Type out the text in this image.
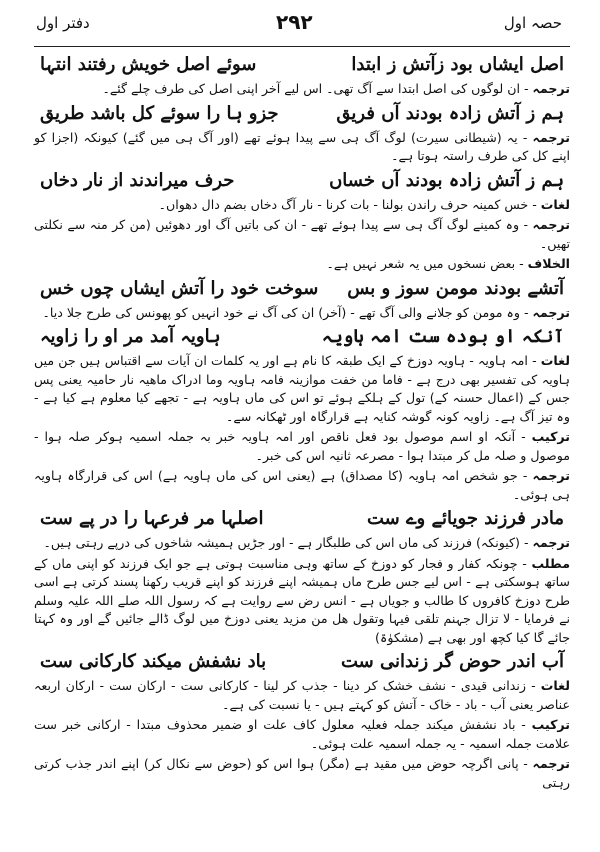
دفتر اول	۲۹۲	حصہ اول
اصل ایشاں بود زآتش ز ابتدا
سوئے اصل خویش رفتند انتہا

ترجمہ - ان لوگوں کی اصل ابتدا سے آگ تھی۔ اس لیے آخر اپنی اصل کی طرف چلے گئے۔

ہم ز آتش زادہ بودند آں فریق
جزو ہا را سوئے کل باشد طریق

ترجمہ - یہ (شیطانی سیرت) لوگ آگ ہی سے پیدا ہوئے تھے (اور آگ ہی میں گئے) کیونکہ (اجزا کو اپنے کل کی طرف راستہ ہوتا ہے۔

ہم ز آتش زادہ بودند آں خساں
حرف میراندند از نار دخاں

لغات - خس کمینہ حرف راندن بولنا - بات کرنا - نار آگ دخاں بضم دال دھواں۔

ترجمہ - وہ کمینے لوگ آگ ہی سے پیدا ہوئے تھے - ان کی باتیں آگ اور دھوئیں (من کر منہ سے نکلتی تھیں۔

الخلاف - بعض نسخوں میں یہ شعر نہیں ہے۔

آتشے بودند مومن سوز و بس
سوخت خود را آتش ایشاں چوں خس

ترجمہ - وہ مومن کو جلانے والی آگ تھے - (آخر) ان کی آگ نے خود انہیں کو پھونس کی طرح جلا دیا۔

آنکہ او بودہ ست امہ ہاویہ
ہاویہ آمد مر او را زاویہ

لغات - امہ ہاویہ - ہاویہ دوزخ کے ایک طبقہ کا نام ہے اور یہ کلمات ان آیات سے اقتباس ہیں جن میں ہاویہ کی تفسیر بھی درج ہے - فاما من خفت موازینہ فامہ ہاویہ وما ادراک ماھیہ نار حامیہ یعنی پس جس کے (اعمال حسنہ کے) تول کے ہلکے ہوئے تو اس کی ماں ہاویہ ہے - تجھے کیا معلوم ہے کیا ہے - وہ تیز آگ ہے۔ زاویہ کونہ گوشہ کنایہ ہے قرارگاہ اور ٹھکانہ سے۔

ترکیب - آنکہ او اسم موصول بود فعل ناقص اور امہ ہاویہ خبر بہ جملہ اسمیہ ہوکر صلہ ہوا - موصول و صلہ مل کر مبتدا ہوا - مصرعہ ثانیہ اس کی خبر۔

ترجمہ - جو شخص امہ ہاویہ (کا مصداق) ہے (یعنی اس کی ماں ہاویہ ہے) اس کی قرارگاہ ہاویہ ہی ہوئی۔

مادر فرزند جویائے وے ست
اصلہا مر فرعہا را در پے ست

ترجمہ - (کیونکہ) فرزند کی ماں اس کی طلبگار ہے - اور جڑیں ہمیشہ شاخوں کی درپے رہتی ہیں۔

مطلب - چونکہ کفار و فجار کو دوزخ کے ساتھ وہی مناسبت ہوتی ہے جو ایک فرزند کو اپنی ماں کے ساتھ ہوسکتی ہے - اس لیے جس طرح ماں ہمیشہ اپنے فرزند کو اپنے قریب رکھنا پسند کرتی ہے اسی طرح دوزخ کافروں کا طالب و جویاں ہے - انس رض سے روایت ہے کہ رسول اللہ صلے اللہ علیہ وسلم نے فرمایا - لا تزال جہنم تلقی فیہا وتقول ھل من مزید یعنی دوزخ میں لوگ ڈالے جائیں گے اور وہ کہتا جائے گا کیا کچھ اور بھی ہے (مشکوٰۃ)

آب اندر حوض گر زندانی ست
باد نشفش میکند کارکانی ست

لغات - زندانی قیدی - نشف خشک کر دینا - جذب کر لینا - کارکانی ست - ارکان ست - ارکان اربعہ عناصر یعنی آب - باد - خاک - آتش کو کہتے ہیں - یا نسبت کی ہے۔

ترکیب - باد نشفش میکند جملہ فعلیہ معلول کاف علت او ضمیر محذوف مبتدا - ارکانی خبر ست علامت جملہ اسمیہ - یہ جملہ اسمیہ علت ہوئی۔

ترجمہ - پانی اگرچہ حوض میں مقید ہے (مگر) ہوا اس کو (حوض سے نکال کر) اپنے اندر جذب کرتی رہتی
